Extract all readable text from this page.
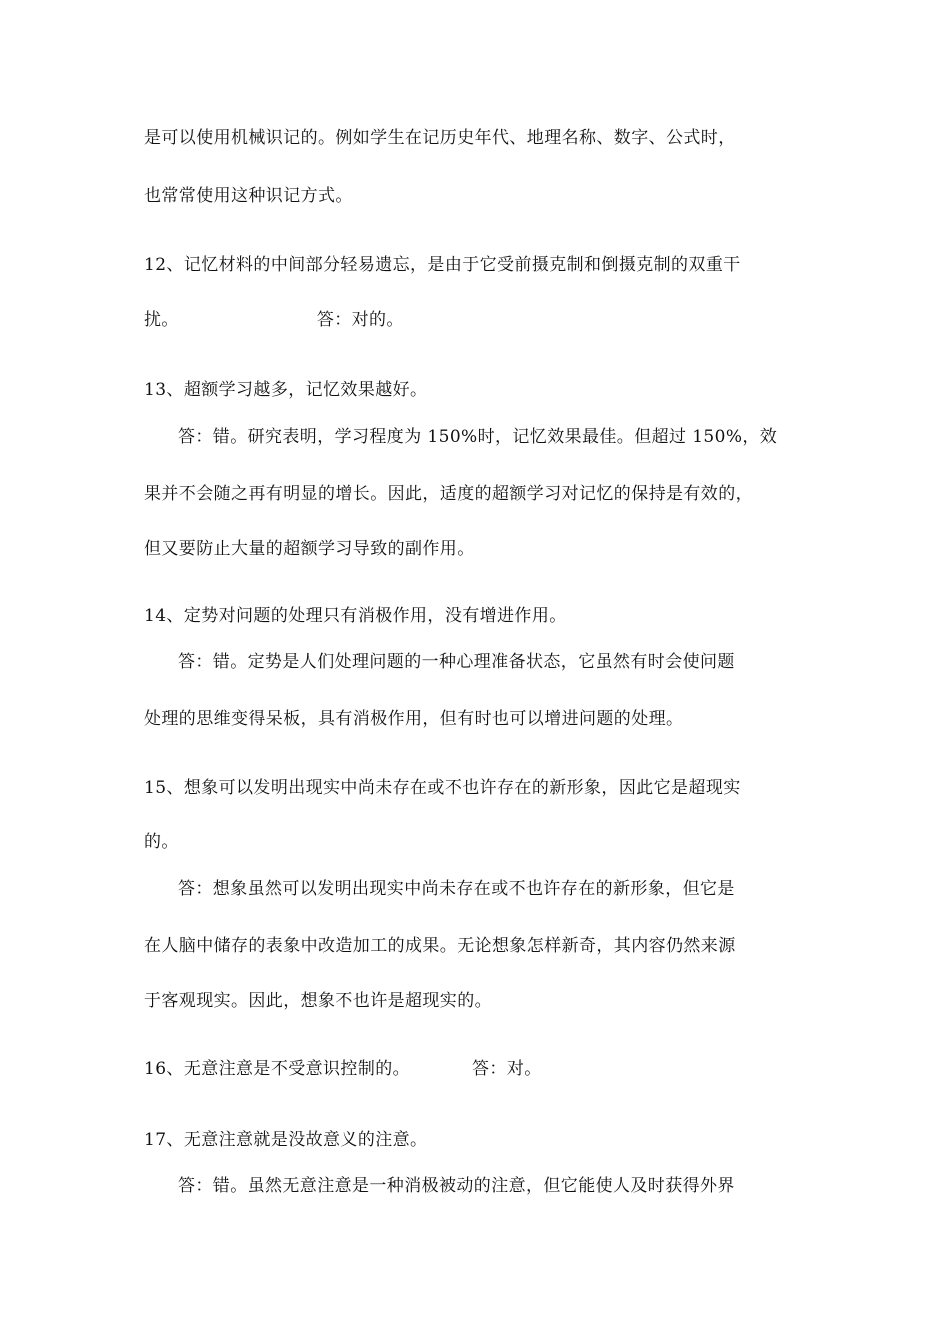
是可以使用机械识记的。例如学生在记历史年代、地理名称、数字、公式时，
也常常使用这种识记方式。
12、记忆材料的中间部分轻易遗忘，是由于它受前摄克制和倒摄克制的双重干
扰。	答：对的。
13、超额学习越多，记忆效果越好。
答：错。研究表明，学习程度为 150%时，记忆效果最佳。但超过 150%，效
果并不会随之再有明显的增长。因此，适度的超额学习对记忆的保持是有效的，
但又要防止大量的超额学习导致的副作用。
14、定势对问题的处理只有消极作用，没有增进作用。
答：错。定势是人们处理问题的一种心理准备状态，它虽然有时会使问题
处理的思维变得呆板，具有消极作用，但有时也可以增进问题的处理。
15、想象可以发明出现实中尚未存在或不也许存在的新形象，因此它是超现实
的。
答：想象虽然可以发明出现实中尚未存在或不也许存在的新形象，但它是
在人脑中储存的表象中改造加工的成果。无论想象怎样新奇，其内容仍然来源
于客观现实。因此，想象不也许是超现实的。
16、无意注意是不受意识控制的。	答：对。
17、无意注意就是没故意义的注意。
答：错。虽然无意注意是一种消极被动的注意，但它能使人及时获得外界
